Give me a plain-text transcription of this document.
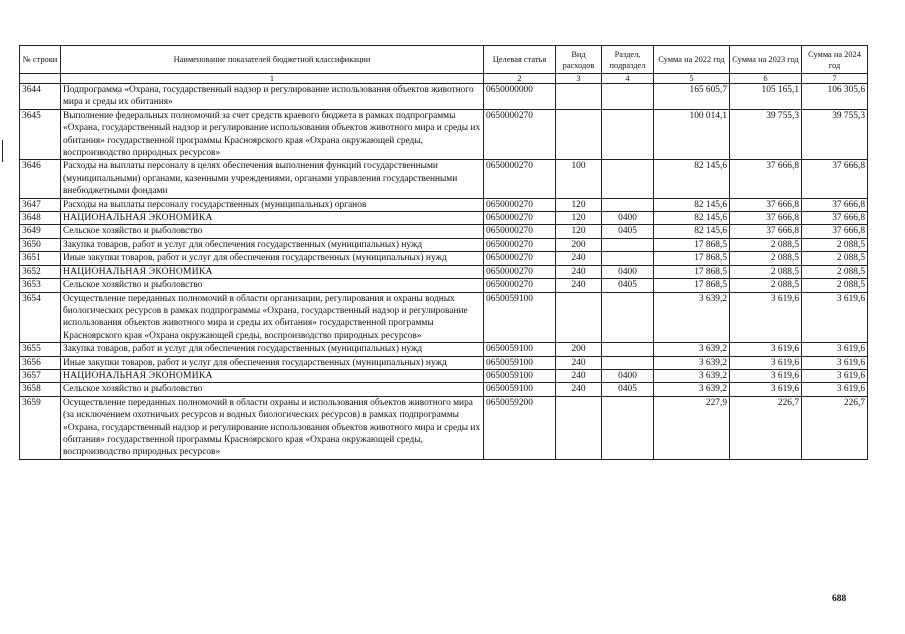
№ строки	Наименование показателей бюджетной классификации	Целевая статья	Вид расходов	Раздел, подраздел	Сумма на 2022 год	Сумма на 2023 год	Сумма на 2024 год
	1	2	3	4	5	6	7
3644	Подпрограмма «Охрана, государственный надзор и регулирование использования объектов животного мира и среды их обитания»	0650000000			165 605,7	105 165,1	106 305,6
3645	Выполнение федеральных полномочий за счет средств краевого бюджета в рамках подпрограммы «Охрана, государственный надзор и регулирование использования объектов животного мира и среды их обитания» государственной программы Красноярского края «Охрана окружающей среды, воспроизводство природных ресурсов»	0650000270			100 014,1	39 755,3	39 755,3
3646	Расходы на выплаты персоналу в целях обеспечения выполнения функций государственными (муниципальными) органами, казенными учреждениями, органами управления государственными внебюджетными фондами	0650000270	100		82 145,6	37 666,8	37 666,8
3647	Расходы на выплаты персоналу государственных (муниципальных) органов	0650000270	120		82 145,6	37 666,8	37 666,8
3648	НАЦИОНАЛЬНАЯ ЭКОНОМИКА	0650000270	120	0400	82 145,6	37 666,8	37 666,8
3649	Сельское хозяйство и рыболовство	0650000270	120	0405	82 145,6	37 666,8	37 666,8
3650	Закупка товаров, работ и услуг для обеспечения государственных (муниципальных) нужд	0650000270	200		17 868,5	2 088,5	2 088,5
3651	Иные закупки товаров, работ и услуг для обеспечения государственных (муниципальных) нужд	0650000270	240		17 868,5	2 088,5	2 088,5
3652	НАЦИОНАЛЬНАЯ ЭКОНОМИКА	0650000270	240	0400	17 868,5	2 088,5	2 088,5
3653	Сельское хозяйство и рыболовство	0650000270	240	0405	17 868,5	2 088,5	2 088,5
3654	Осуществление переданных полномочий в области организации, регулирования и охраны водных биологических ресурсов в рамках подпрограммы «Охрана, государственный надзор и регулирование использования объектов животного мира и среды их обитания» государственной программы Красноярского края «Охрана окружающей среды, воспроизводство природных ресурсов»	0650059100			3 639,2	3 619,6	3 619,6
3655	Закупка товаров, работ и услуг для обеспечения государственных (муниципальных) нужд	0650059100	200		3 639,2	3 619,6	3 619,6
3656	Иные закупки товаров, работ и услуг для обеспечения государственных (муниципальных) нужд	0650059100	240		3 639,2	3 619,6	3 619,6
3657	НАЦИОНАЛЬНАЯ ЭКОНОМИКА	0650059100	240	0400	3 639,2	3 619,6	3 619,6
3658	Сельское хозяйство и рыболовство	0650059100	240	0405	3 639,2	3 619,6	3 619,6
3659	Осуществление переданных полномочий в области охраны и использования объектов животного мира (за исключением охотничьих ресурсов и водных биологических ресурсов) в рамках подпрограммы «Охрана, государственный надзор и регулирование использования объектов животного мира и среды их обитания» государственной программы Красноярского края «Охрана окружающей среды, воспроизводство природных ресурсов»	0650059200			227,9	226,7	226,7
688
